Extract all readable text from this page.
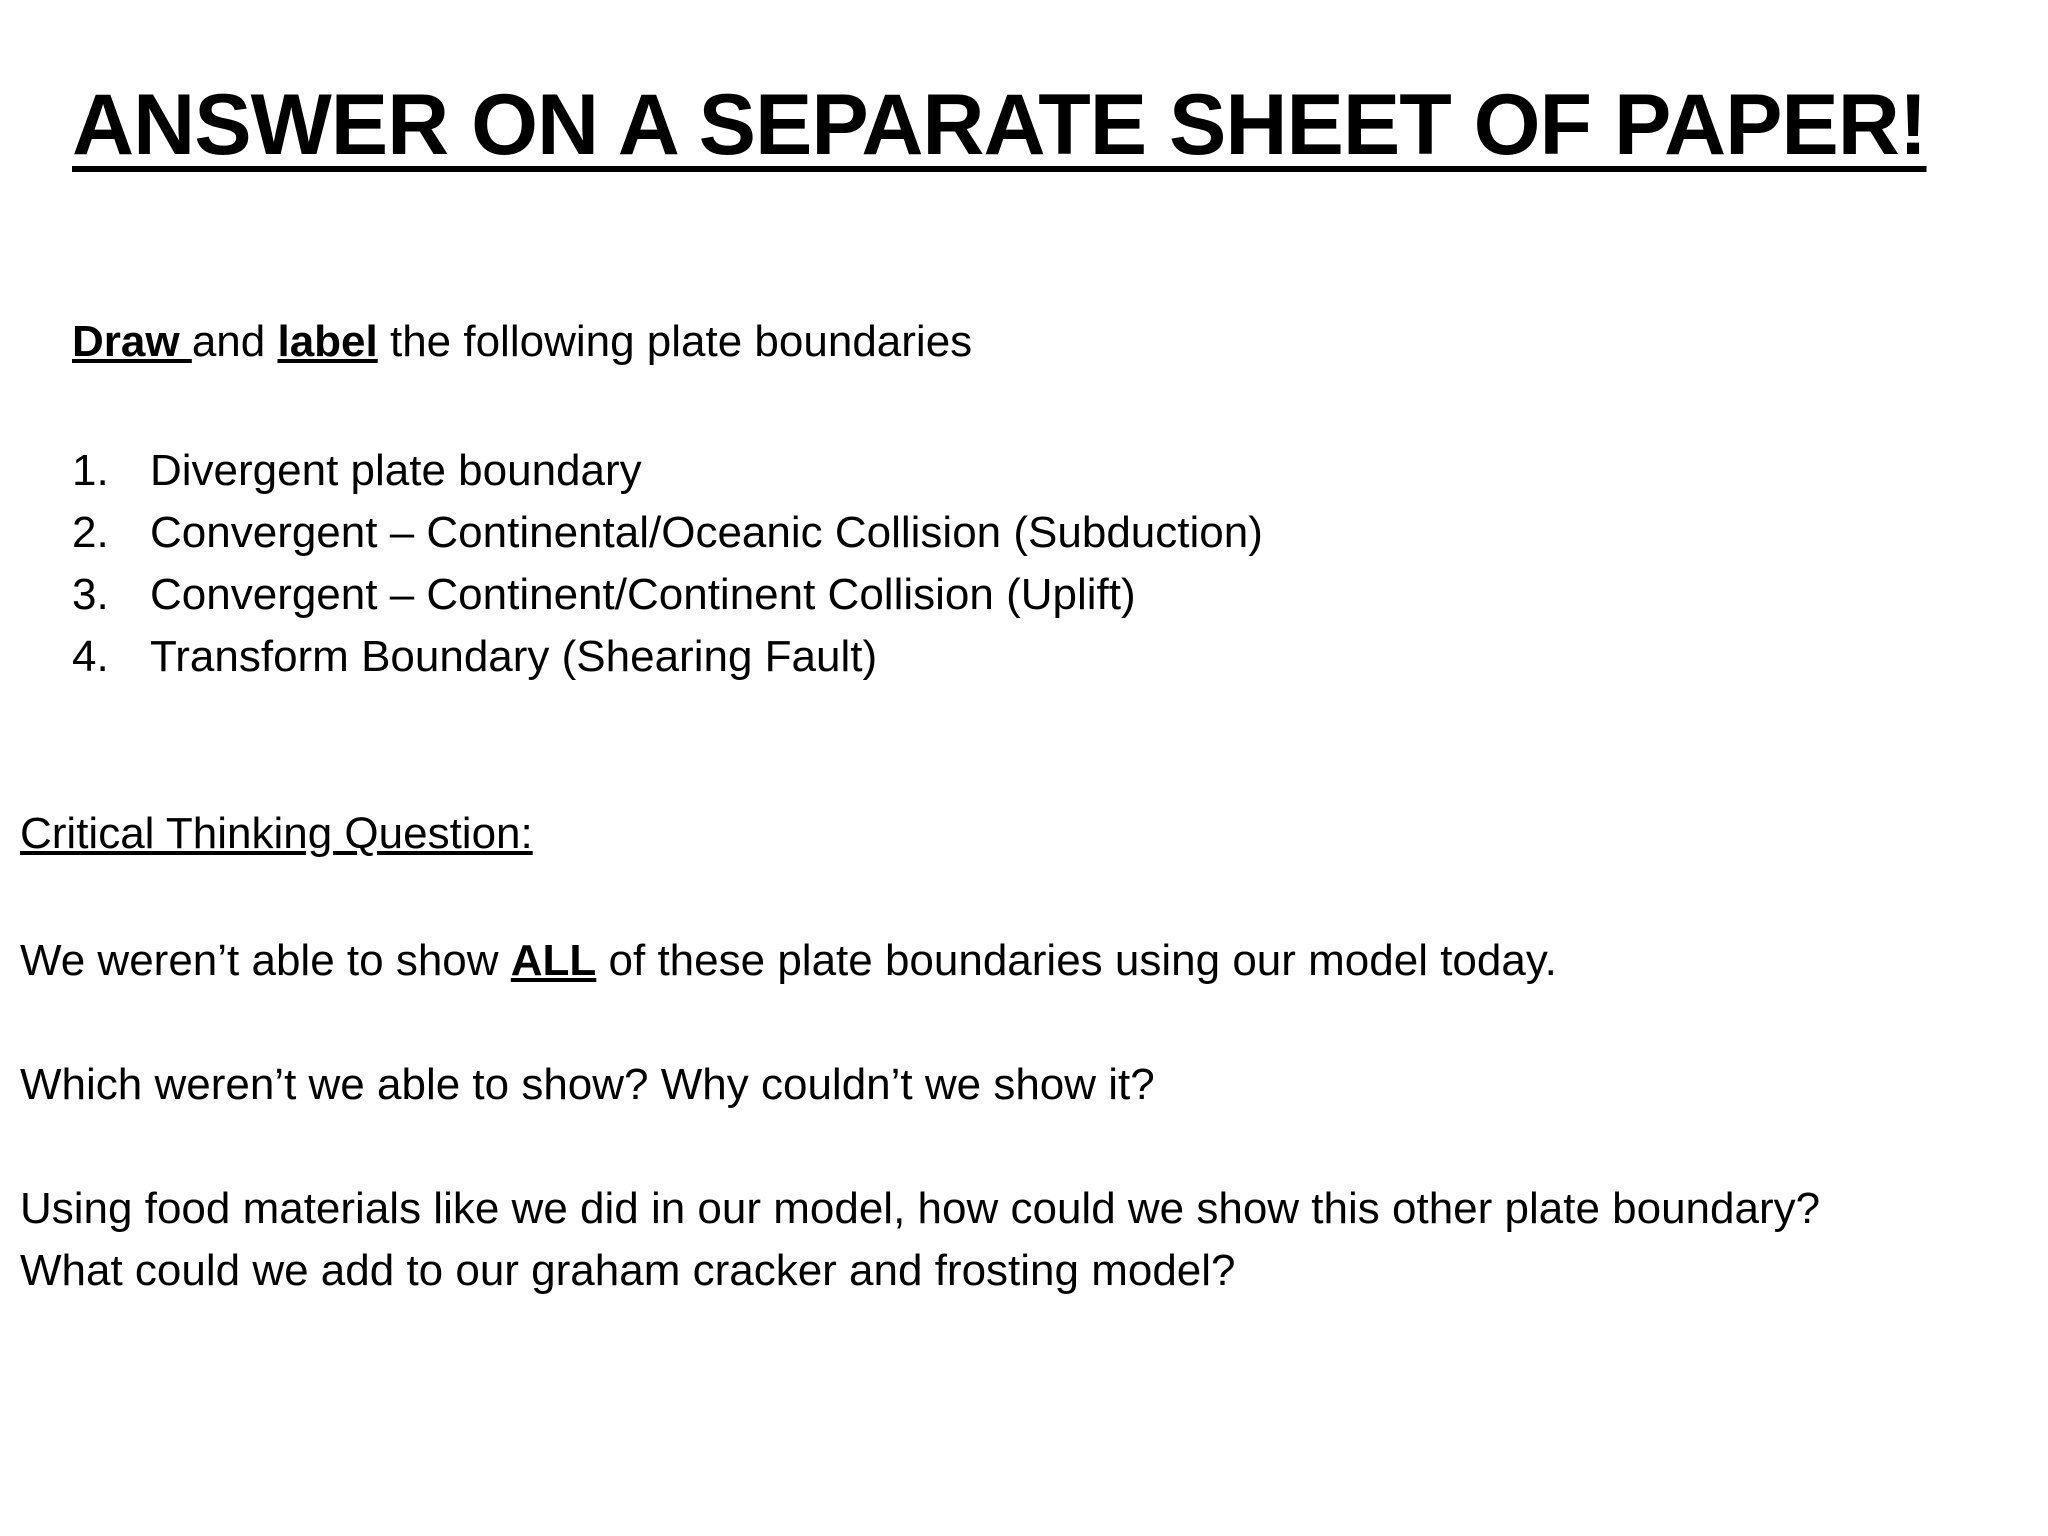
ANSWER ON A SEPARATE SHEET OF PAPER!
Draw and label the following plate boundaries
1. Divergent plate boundary
2. Convergent – Continental/Oceanic Collision (Subduction)
3. Convergent – Continent/Continent Collision (Uplift)
4. Transform Boundary (Shearing Fault)
Critical Thinking Question:
We weren’t able to show ALL of these plate boundaries using our model today.
Which weren’t we able to show? Why couldn’t we show it?
Using food materials like we did in our model, how could we show this other plate boundary?
What could we add to our graham cracker and frosting model?
